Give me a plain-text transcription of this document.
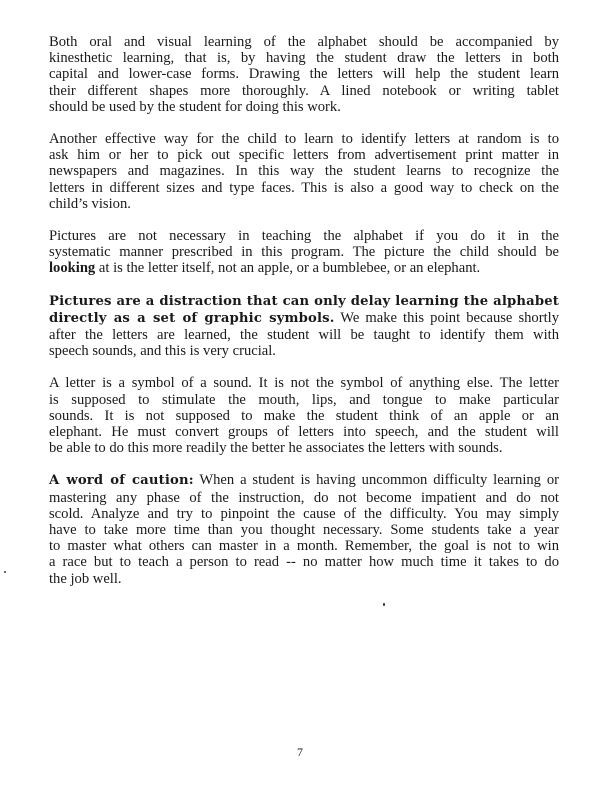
Both oral and visual learning of the alphabet should be accompanied by
kinesthetic learning, that is, by having the student draw the letters in both
capital and lower-case forms. Drawing the letters will help the student learn
their different shapes more thoroughly. A lined notebook or writing tablet
should be used by the student for doing this work.

Another effective way for the child to learn to identify letters at random is to
ask him or her to pick out specific letters from advertisement print matter in
newspapers and magazines. In this way the student learns to recognize the
letters in different sizes and type faces. This is also a good way to check on the
child’s vision.

Pictures are not necessary in teaching the alphabet if you do it in the
systematic manner prescribed in this program. The picture the child should be
looking at is the letter itself, not an apple, or a bumblebee, or an elephant.

Pictures are a distraction that can only delay learning the alphabet
directly as a set of graphic symbols. We make this point because shortly
after the letters are learned, the student will be taught to identify them with
speech sounds, and this is very crucial.

A letter is a symbol of a sound. It is not the symbol of anything else. The letter
is supposed to stimulate the mouth, lips, and tongue to make particular
sounds. It is not supposed to make the student think of an apple or an
elephant. He must convert groups of letters into speech, and the student will
be able to do this more readily the better he associates the letters with sounds.

A word of caution: When a student is having uncommon difficulty learning or
mastering any phase of the instruction, do not become impatient and do not
scold. Analyze and try to pinpoint the cause of the difficulty. You may simply
have to take more time than you thought necessary. Some students take a year
to master what others can master in a month. Remember, the goal is not to win
a race but to teach a person to read -- no matter how much time it takes to do
the job well.

7
